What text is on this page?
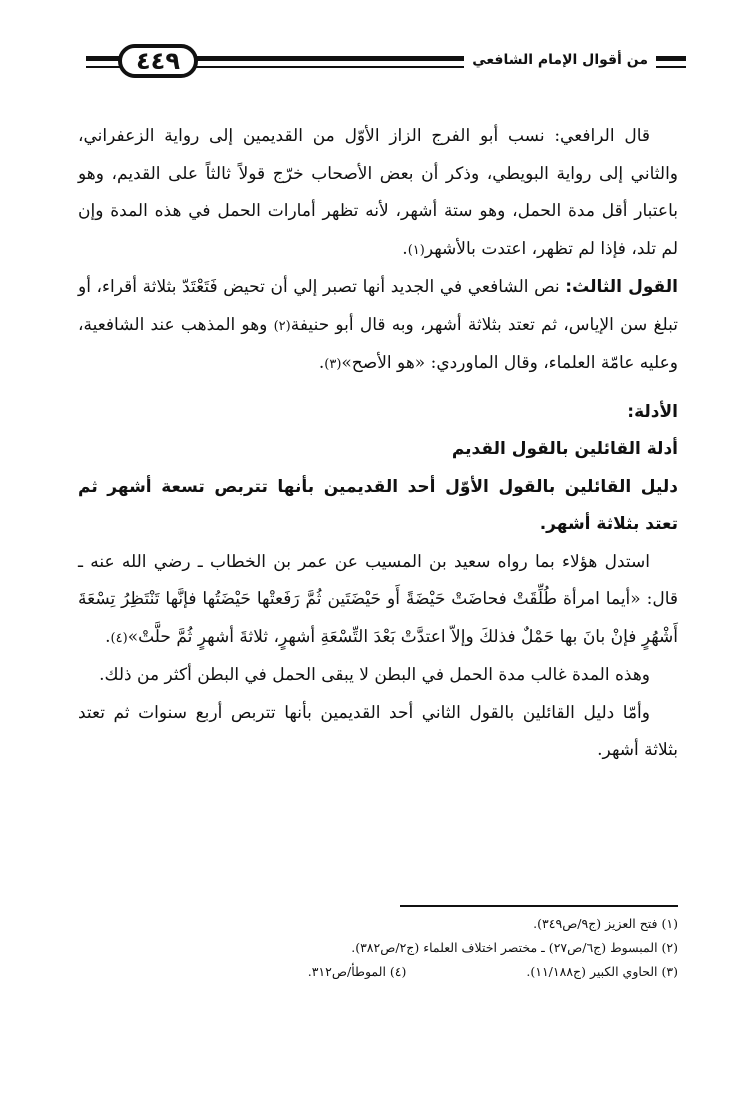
٤٤٩	من أقوال الإمام الشافعي

قال الرافعي: نسب أبو الفرج الزاز الأوّل من القديمين إلى رواية الزعفراني، والثاني إلى رواية البويطي، وذكر أن بعض الأصحاب خرّج قولاً ثالثاً على القديم، وهو باعتبار أقل مدة الحمل، وهو ستة أشهر، لأنه تظهر أمارات الحمل في هذه المدة وإن لم تلد، فإذا لم تظهر، اعتدت بالأشهر(١).

القول الثالث: نص الشافعي في الجديد أنها تصبر إلي أن تحيض فَتَعْتَدّ بثلاثة أقراء، أو تبلغ سن الإياس، ثم تعتد بثلاثة أشهر، وبه قال أبو حنيفة(٢) وهو المذهب عند الشافعية، وعليه عامّة العلماء، وقال الماوردي: «هو الأصح»(٣).

الأدلة:

أدلة القائلين بالقول القديم

دليل القائلين بالقول الأوّل أحد القديمين بأنها تتربص تسعة أشهر ثم تعتد بثلاثة أشهر.

استدل هؤلاء بما رواه سعيد بن المسيب عن عمر بن الخطاب ـ رضي الله عنه ـ قال: «أيما امرأة طُلِّقَتْ فحاضَتْ حَيْضَةً أَو حَيْضَتَين ثُمَّ رَفَعتْها حَيْضَتُها فإنَّها تَنْتَظِرُ تِسْعَةَ أَشْهُرٍ فإنْ بانَ بها حَمْلٌ فذلكَ وإلاّ اعتدَّتْ بَعْدَ التِّسْعَةِ أشهرٍ، ثلاثةَ أشهرٍ ثُمَّ حلَّتْ»(٤).

وهذه المدة غالب مدة الحمل في البطن لا يبقى الحمل في البطن أكثر من ذلك.

وأمّا دليل القائلين بالقول الثاني أحد القديمين بأنها تتربص أربع سنوات ثم تعتد بثلاثة أشهر.

(١) فتح العزيز (ج٩/ص٣٤٩).

(٢) المبسوط (ج٦/ص٢٧) ـ مختصر اختلاف العلماء (ج٢/ص٣٨٢).

(٣) الحاوي الكبير (ج١١/١٨٨).

(٤) الموطأ/ص٣١٢.
